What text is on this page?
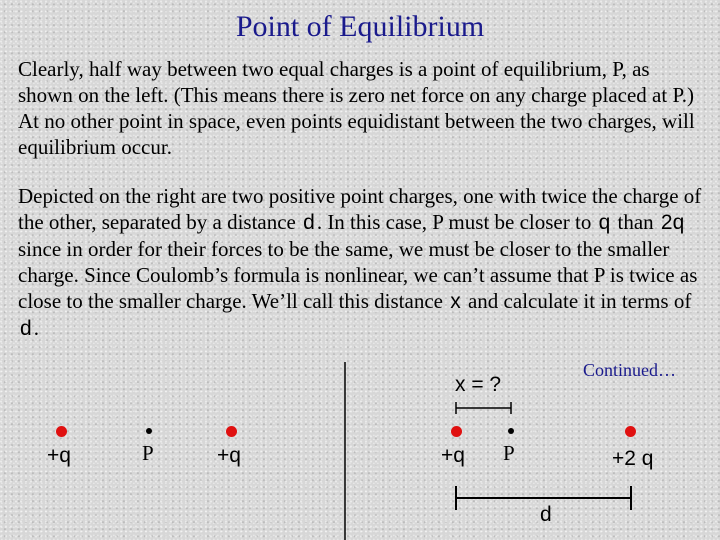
Point of Equilibrium

Clearly, half way between two equal charges is a point of equilibrium, P, as shown on the left. (This means there is zero net force on any charge placed at P.) At no other point in space, even points equidistant between the two charges, will equilibrium occur.

Depicted on the right are two positive point charges, one with twice the charge of the other, separated by a distance d. In this case, P must be closer to q than 2q since in order for their forces to be the same, we must be closer to the smaller charge. Since Coulomb’s formula is nonlinear, we can’t assume that P is twice as close to the smaller charge. We’ll call this distance x and calculate it in terms of d.

Continued…
+q	P	+q
x = ?
+q P	+2 q
d
